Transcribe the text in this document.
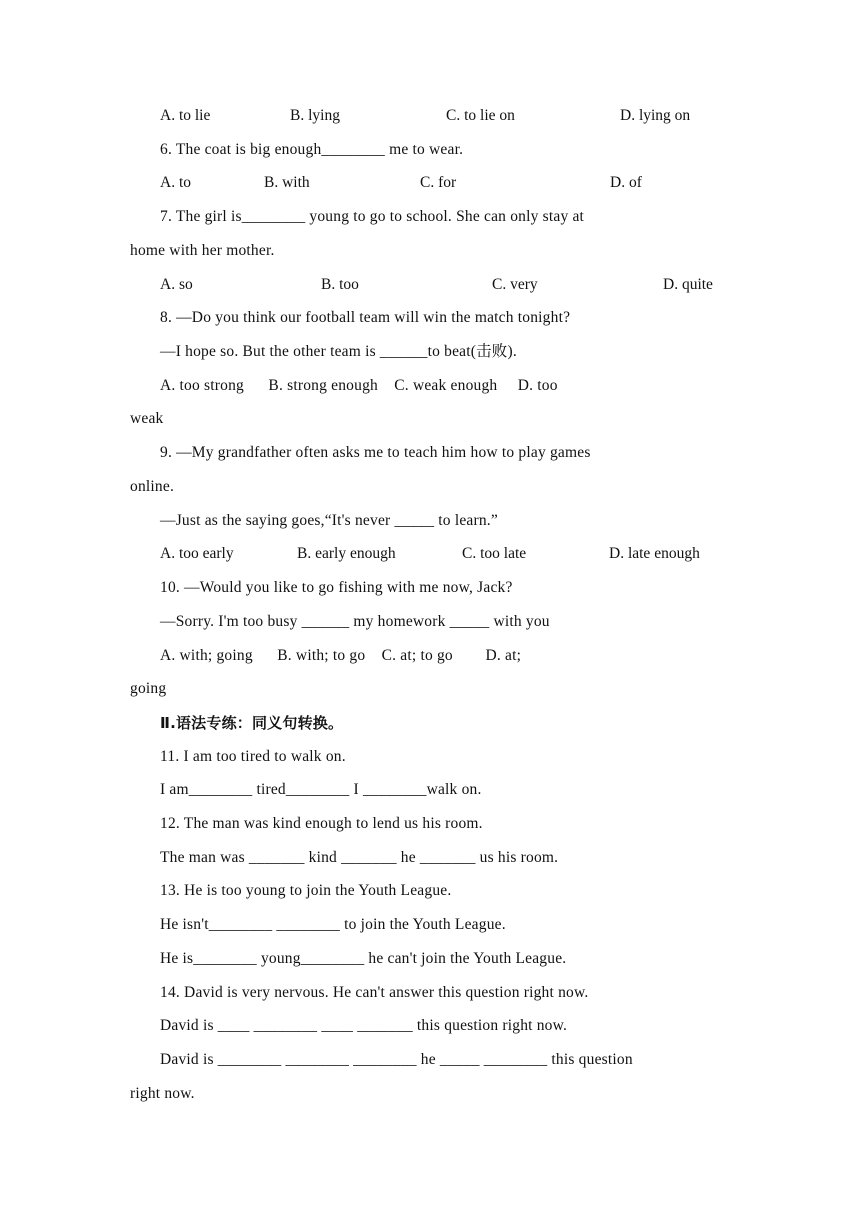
A. to lie

	B. lying

	C. to lie on

	D. lying on

6. The coat is big enough________ me to wear.

A. to

	B. with

	C. for

	D. of

7. The girl is________ young to go to school. She can only stay at
home with her mother.

A. so

	B. too

	C. very

	D. quite

8. —Do you think our football team will win the match tonight?
—I hope so. But the other team is ______to beat(击败).
A. too strong      B. strong enough    C. weak enough     D. too
weak
9. —My grandfather often asks me to teach him how to play games
online.
—Just as the saying goes,“It's never _____ to learn.”

A. too early

	B. early enough

	C. too late

	D. late enough

10. —Would you like to go fishing with me now, Jack?
—Sorry. I'm too busy ______ my homework _____ with you
A. with; going      B. with; to go    C. at; to go        D. at;
going
Ⅱ.语法专练：同义句转换。
11. I am too tired to walk on.
I am________ tired________ I ________walk on.
12. The man was kind enough to lend us his room.
The man was _______ kind _______ he _______ us his room.
13. He is too young to join the Youth League.
He isn't________ ________ to join the Youth League.
He is________ young________ he can't join the Youth League.
14. David is very nervous. He can't answer this question right now.
David is ____ ________ ____ _______ this question right now.
David is ________ ________ ________ he _____ ________ this question
right now.
